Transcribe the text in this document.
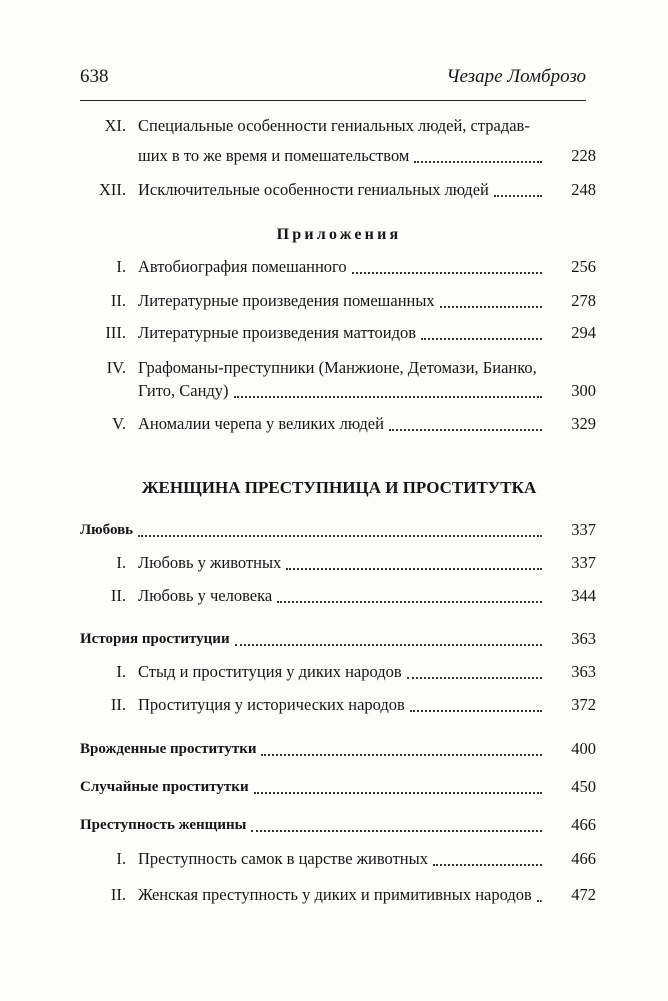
638	Чезаре Ломброзо
XI. Специальные особенности гениальных людей, страдав-
ших в то же время и помешательством	228
XII. Исключительные особенности гениальных людей	248
Приложения
I. Автобиография помешанного	256
II. Литературные произведения помешанных	278
III. Литературные произведения маттоидов	294
IV. Графоманы-преступники (Манжионе, Детомази, Бианко,
Гито, Санду)	300
V. Аномалии черепа у великих людей	329
ЖЕНЩИНА ПРЕСТУПНИЦА И ПРОСТИТУТКА
Любовь	337
I. Любовь у животных	337
II. Любовь у человека	344
История проституции	363
I. Стыд и проституция у диких народов	363
II. Проституция у исторических народов	372
Врожденные проститутки	400
Случайные проститутки	450
Преступность женщины	466
I. Преступность самок в царстве животных	466
II. Женская преступность у диких и примитивных народов	472
